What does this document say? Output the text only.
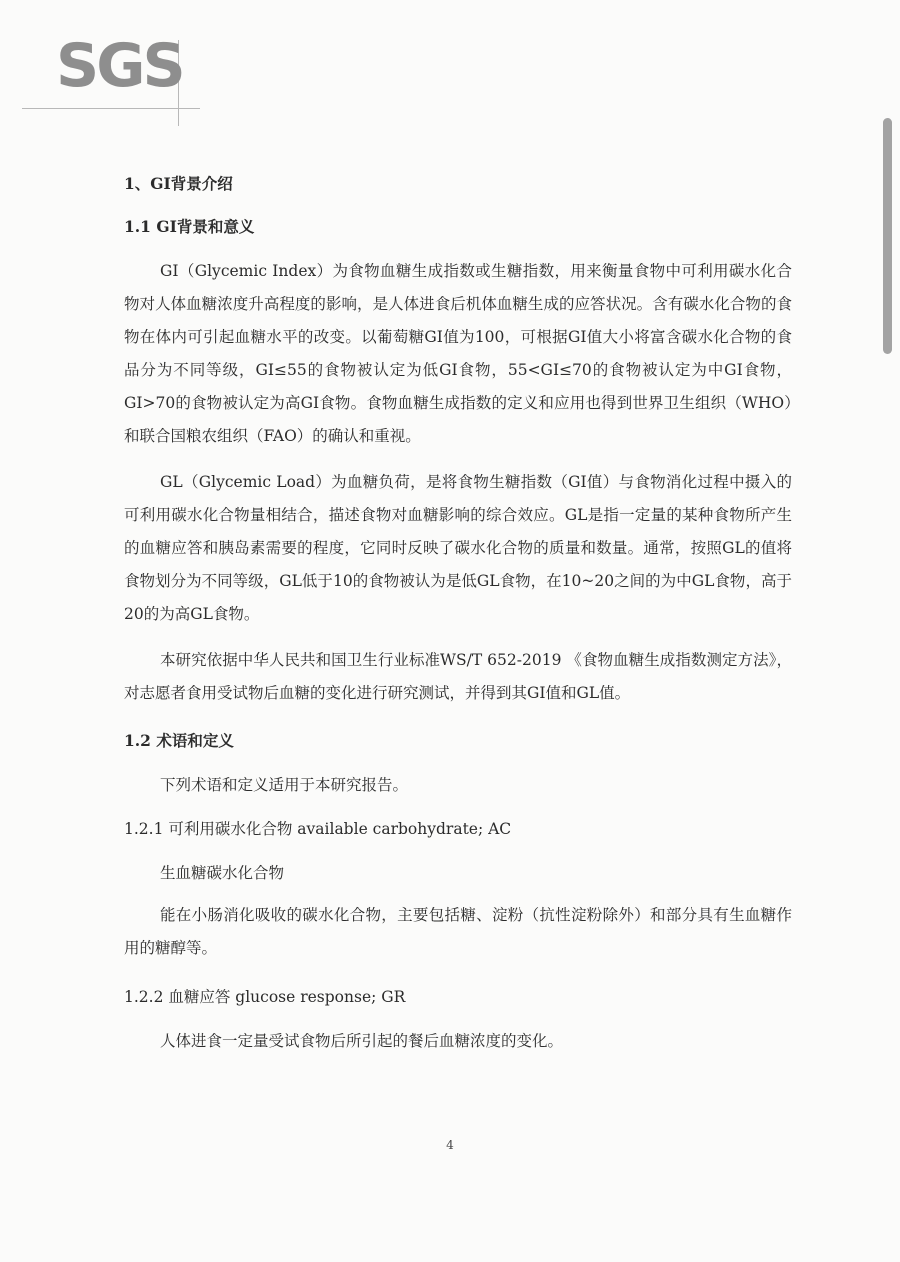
SGS

1、GI背景介绍

1.1 GI背景和意义

GI（Glycemic Index）为食物血糖生成指数或生糖指数，用来衡量食物中可利用碳水化合物对人体血糖浓度升高程度的影响，是人体进食后机体血糖生成的应答状况。含有碳水化合物的食物在体内可引起血糖水平的改变。以葡萄糖GI值为100，可根据GI值大小将富含碳水化合物的食品分为不同等级，GI≤55的食物被认定为低GI食物，55<GI≤70的食物被认定为中GI食物，GI>70的食物被认定为高GI食物。食物血糖生成指数的定义和应用也得到世界卫生组织（WHO）和联合国粮农组织（FAO）的确认和重视。

GL（Glycemic Load）为血糖负荷，是将食物生糖指数（GI值）与食物消化过程中摄入的可利用碳水化合物量相结合，描述食物对血糖影响的综合效应。GL是指一定量的某种食物所产生的血糖应答和胰岛素需要的程度，它同时反映了碳水化合物的质量和数量。通常，按照GL的值将食物划分为不同等级，GL低于10的食物被认为是低GL食物，在10~20之间的为中GL食物，高于20的为高GL食物。

本研究依据中华人民共和国卫生行业标准WS/T 652-2019 《食物血糖生成指数测定方法》，对志愿者食用受试物后血糖的变化进行研究测试，并得到其GI值和GL值。

1.2 术语和定义

下列术语和定义适用于本研究报告。

1.2.1 可利用碳水化合物 available carbohydrate; AC

生血糖碳水化合物

能在小肠消化吸收的碳水化合物，主要包括糖、淀粉（抗性淀粉除外）和部分具有生血糖作用的糖醇等。

1.2.2 血糖应答 glucose response; GR

人体进食一定量受试食物后所引起的餐后血糖浓度的变化。

4
